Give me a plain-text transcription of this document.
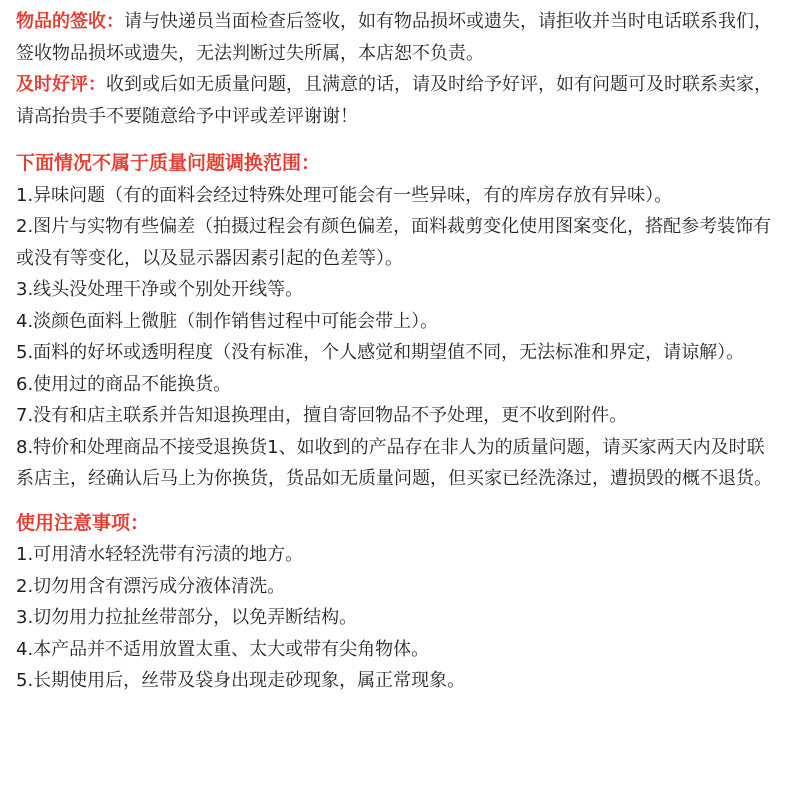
物品的签收：请与快递员当面检查后签收，如有物品损坏或遗失，请拒收并当时电话联系我们，签收物品损坏或遗失，无法判断过失所属，本店恕不负责。

及时好评：收到或后如无质量问题，且满意的话，请及时给予好评，如有问题可及时联系卖家，请高抬贵手不要随意给予中评或差评谢谢！

下面情况不属于质量问题调换范围：
1.异味问题（有的面料会经过特殊处理可能会有一些异味，有的库房存放有异味）。
2.图片与实物有些偏差（拍摄过程会有颜色偏差，面料裁剪变化使用图案变化，搭配参考装饰有或没有等变化，以及显示器因素引起的色差等）。
3.线头没处理干净或个别处开线等。
4.淡颜色面料上微脏（制作销售过程中可能会带上）。
5.面料的好坏或透明程度（没有标准，个人感觉和期望值不同，无法标准和界定，请谅解）。
6.使用过的商品不能换货。
7.没有和店主联系并告知退换理由，擅自寄回物品不予处理，更不收到附件。
8.特价和处理商品不接受退换货1、如收到的产品存在非人为的质量问题，请买家两天内及时联系店主，经确认后马上为你换货，货品如无质量问题，但买家已经洗涤过，遭损毁的概不退货。
使用注意事项：
1.可用清水轻轻洗带有污渍的地方。
2.切勿用含有漂污成分液体清洗。
3.切勿用力拉扯丝带部分，以免弄断结构。
4.本产品并不适用放置太重、太大或带有尖角物体。
5.长期使用后，丝带及袋身出现走砂现象，属正常现象。
